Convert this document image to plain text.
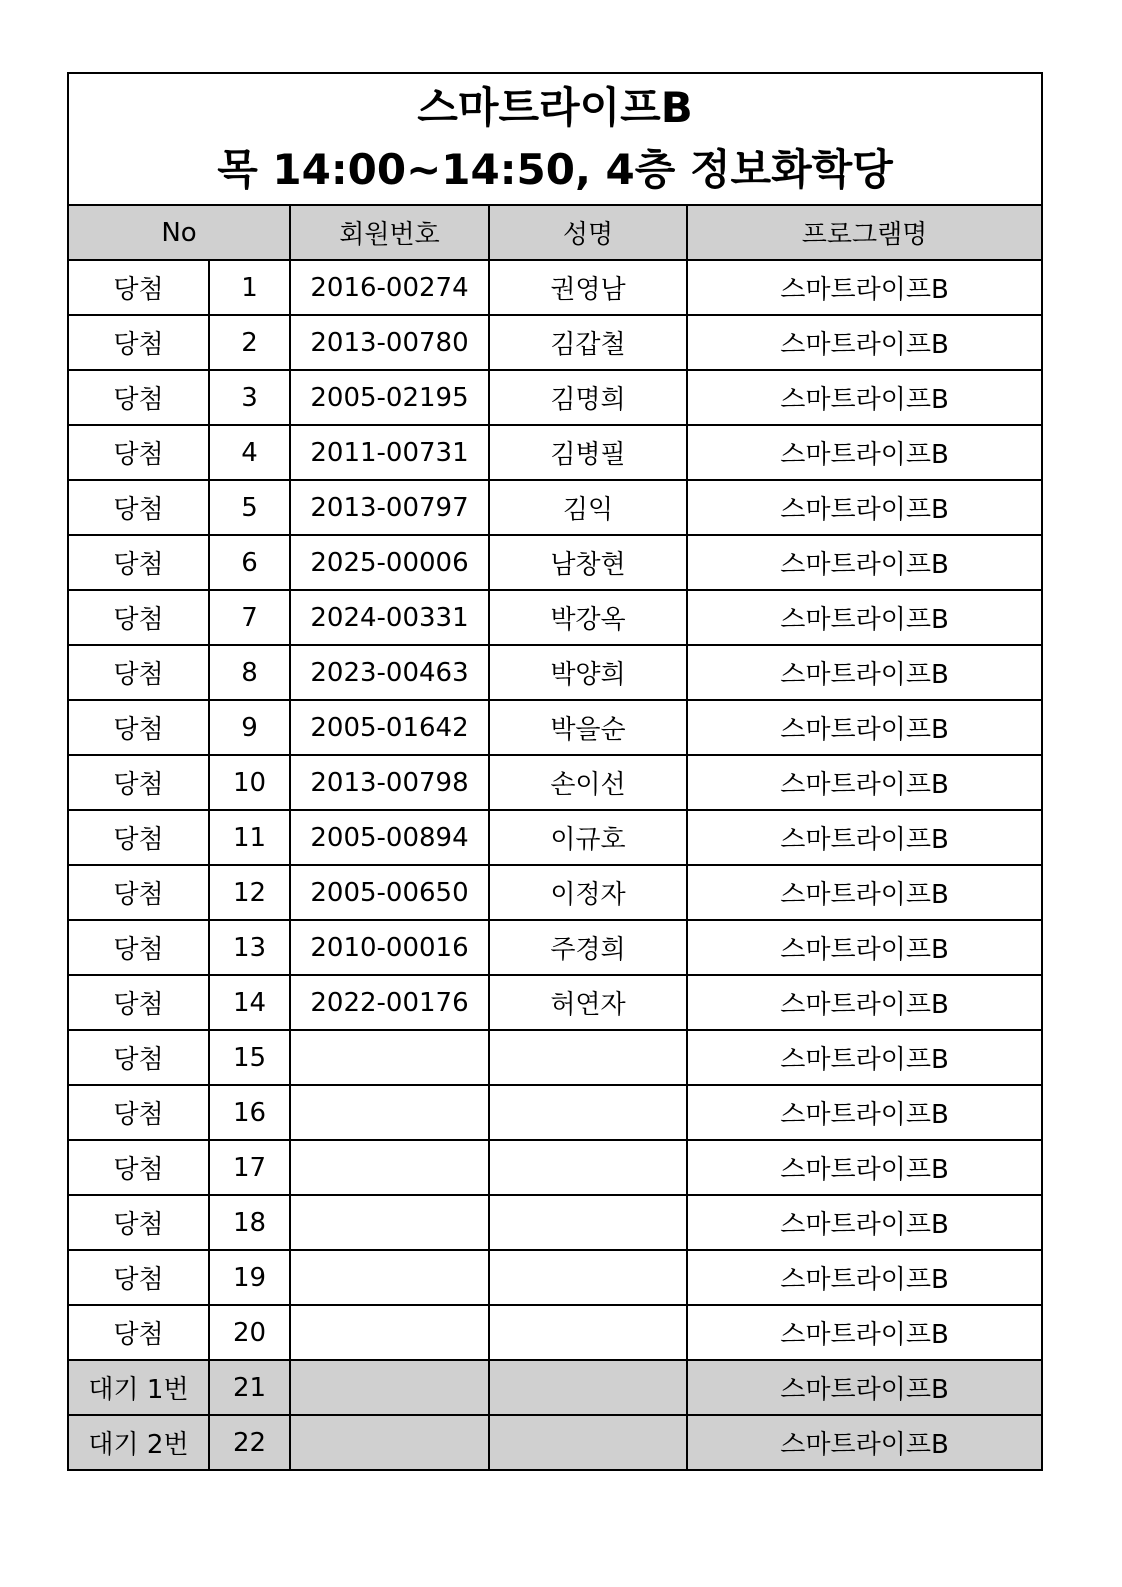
스마트라이프B
목 14:00~14:50, 4층 정보화학당				

No		회원번호	성명	프로그램명
당첨	1	2016-00274	권영남	스마트라이프B
당첨	2	2013-00780	김갑철	스마트라이프B
당첨	3	2005-02195	김명희	스마트라이프B
당첨	4	2011-00731	김병필	스마트라이프B
당첨	5	2013-00797	김익	스마트라이프B
당첨	6	2025-00006	남창현	스마트라이프B
당첨	7	2024-00331	박강옥	스마트라이프B
당첨	8	2023-00463	박양희	스마트라이프B
당첨	9	2005-01642	박을순	스마트라이프B
당첨	10	2013-00798	손이선	스마트라이프B
당첨	11	2005-00894	이규호	스마트라이프B
당첨	12	2005-00650	이정자	스마트라이프B
당첨	13	2010-00016	주경희	스마트라이프B
당첨	14	2022-00176	허연자	스마트라이프B
당첨	15			스마트라이프B
당첨	16			스마트라이프B
당첨	17			스마트라이프B
당첨	18			스마트라이프B
당첨	19			스마트라이프B
당첨	20			스마트라이프B
대기 1번	21			스마트라이프B
대기 2번	22			스마트라이프B
